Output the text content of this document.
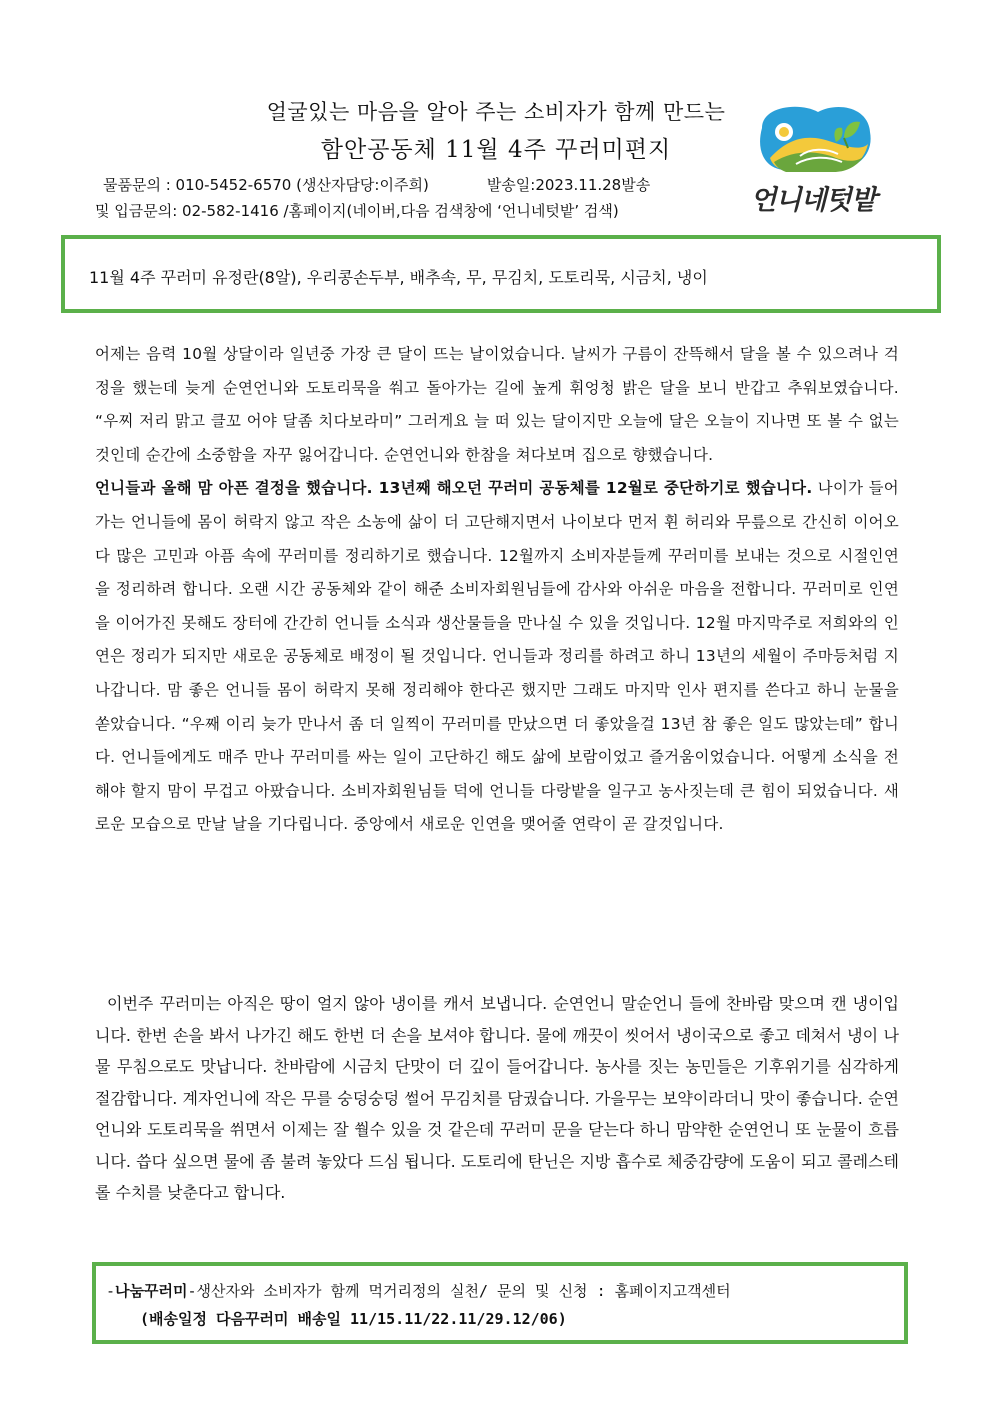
얼굴있는 마음을 알아 주는 소비자가 함께 만드는
함안공동체 11월 4주 꾸러미편지
물품문의 : 010-5452-6570 (생산자담당:이주희)	발송일:2023.11.28발송
및 입금문의: 02-582-1416 /홈페이지(네이버,다음 검색창에 ‘언니네텃밭’ 검색)	언니네텃밭

11월 4주 꾸러미 유정란(8알), 우리콩손두부, 배추속, 무, 무김치, 도토리묵, 시금치, 냉이

어제는 음력 10월 상달이라 일년중 가장 큰 달이 뜨는 날이었습니다. 날씨가 구름이 잔뜩해서 달을 볼 수 있으려나 걱정을 했는데 늦게 순연언니와 도토리묵을 쒀고 돌아가는 길에 높게 휘엉청 밝은 달을 보니 반갑고 추워보였습니다. “우찌 저리 맑고 클꼬 어야 달좀 치다보라미” 그러게요 늘 떠 있는 달이지만 오늘에 달은 오늘이 지나면 또 볼 수 없는 것인데 순간에 소중함을 자꾸 잃어갑니다. 순연언니와 한참을 쳐다보며 집으로 향했습니다.

언니들과 올해 맘 아픈 결정을 했습니다. 13년째 해오던 꾸러미 공동체를 12월로 중단하기로 했습니다. 나이가 들어가는 언니들에 몸이 허락지 않고 작은 소농에 삶이 더 고단해지면서 나이보다 먼저 휜 허리와 무릎으로 간신히 이어오다 많은 고민과 아픔 속에 꾸러미를 정리하기로 했습니다. 12월까지 소비자분들께 꾸러미를 보내는 것으로 시절인연을 정리하려 합니다. 오랜 시간 공동체와 같이 해준 소비자회원님들에 감사와 아쉬운 마음을 전합니다. 꾸러미로 인연을 이어가진 못해도 장터에 간간히 언니들 소식과 생산물들을 만나실 수 있을 것입니다. 12월 마지막주로 저희와의 인연은 정리가 되지만 새로운 공동체로 배정이 될 것입니다. 언니들과 정리를 하려고 하니 13년의 세월이 주마등처럼 지나갑니다. 맘 좋은 언니들 몸이 허락지 못해 정리해야 한다곤 했지만 그래도 마지막 인사 편지를 쓴다고 하니 눈물을 쏟았습니다. “우째 이리 늦가 만나서 좀 더 일찍이 꾸러미를 만났으면 더 좋았을걸 13년 참 좋은 일도 많았는데” 합니다. 언니들에게도 매주 만나 꾸러미를 싸는 일이 고단하긴 해도 삶에 보람이었고 즐거움이었습니다. 어떻게 소식을 전해야 할지 맘이 무겁고 아팠습니다. 소비자회원님들 덕에 언니들 다랑밭을 일구고 농사짓는데 큰 힘이 되었습니다. 새로운 모습으로 만날 날을 기다립니다. 중앙에서 새로운 인연을 맺어줄 연락이 곧 갈것입니다.

이번주 꾸러미는 아직은 땅이 얼지 않아 냉이를 캐서 보냅니다. 순연언니 말순언니 들에 찬바람 맞으며 캔 냉이입니다. 한번 손을 봐서 나가긴 해도 한번 더 손을 보셔야 합니다. 물에 깨끗이 씻어서 냉이국으로 좋고 데쳐서 냉이 나물 무침으로도 맛납니다. 찬바람에 시금치 단맛이 더 깊이 들어갑니다. 농사를 짓는 농민들은 기후위기를 심각하게 절감합니다. 계자언니에 작은 무를 숭덩숭덩 썰어 무김치를 담궜습니다. 가을무는 보약이라더니 맛이 좋습니다. 순연언니와 도토리묵을 쒸면서 이제는 잘 쒈수 있을 것 같은데 꾸러미 문을 닫는다 하니 맘약한 순연언니 또 눈물이 흐릅니다. 씁다 싶으면 물에 좀 불려 놓았다 드심 됩니다. 도토리에 탄닌은 지방 흡수로 체중감량에 도움이 되고 콜레스테롤 수치를 낮춘다고 합니다.

-나눔꾸러미-생산자와 소비자가 함께 먹거리정의 실천/ 문의 및 신청 : 홈페이지고객센터
(배송일정 다음꾸러미 배송일 11/15.11/22.11/29.12/06)
